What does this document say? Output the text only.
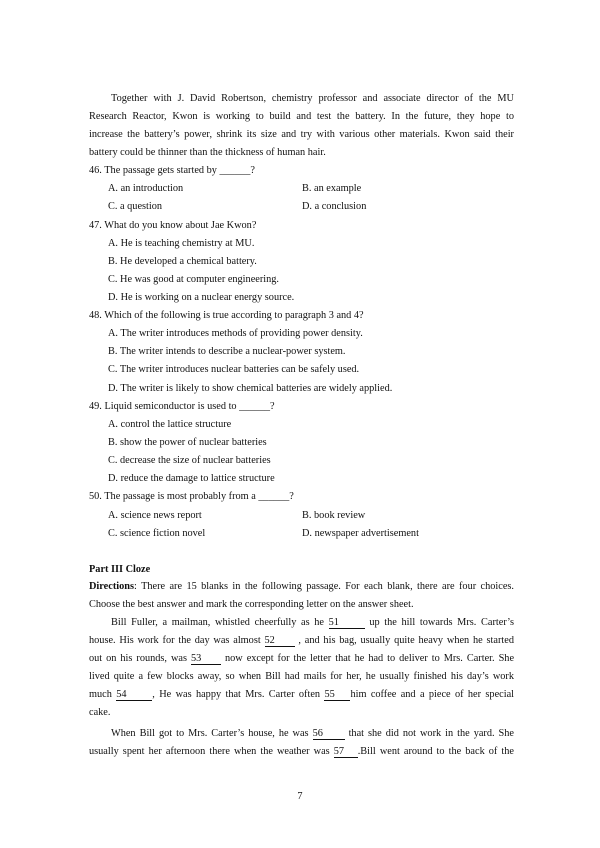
Together with J. David Robertson, chemistry professor and associate director of the MU
Research Reactor, Kwon is working to build and test the battery. In the future, they hope to
increase the battery’s power, shrink its size and try with various other materials. Kwon said their
battery could be thinner than the thickness of human hair.
46. The passage gets started by ______?
A. an introduction	B. an example
C. a question	D. a conclusion
47. What do you know about Jae Kwon?
A. He is teaching chemistry at MU.
B. He developed a chemical battery.
C. He was good at computer engineering.
D. He is working on a nuclear energy source.
48. Which of the following is true according to paragraph 3 and 4?
A. The writer introduces methods of providing power density.
B. The writer intends to describe a nuclear-power system.
C. The writer introduces nuclear batteries can be safely used.
D. The writer is likely to show chemical batteries are widely applied.
49. Liquid semiconductor is used to ______?
A. control the lattice structure
B. show the power of nuclear batteries
C. decrease the size of nuclear batteries
D. reduce the damage to lattice structure
50. The passage is most probably from a ______?
A. science news report	B. book review
C. science fiction novel	D. newspaper advertisement
Part III Cloze
Directions: There are 15 blanks in the following passage. For each blank, there are four choices.
Choose the best answer and mark the corresponding letter on the answer sheet.
Bill Fuller, a mailman, whistled cheerfully as he 51	up the hill towards Mrs. Carter’s
house. His work for the day was almost 52 , and his bag, usually quite heavy when he started
out on his rounds, was 53 now except for the letter that he had to deliver to Mrs. Carter. She
lived quite a few blocks away, so when Bill had mails for her, he usually finished his day’s work
much 54 , He was happy that Mrs. Carter often 55 him coffee and a piece of her special
cake.
When Bill got to Mrs. Carter’s house, he was 56 that she did not work in the yard. She
usually spent her afternoon there when the weather was 57 .Bill went around to the back of the
7
